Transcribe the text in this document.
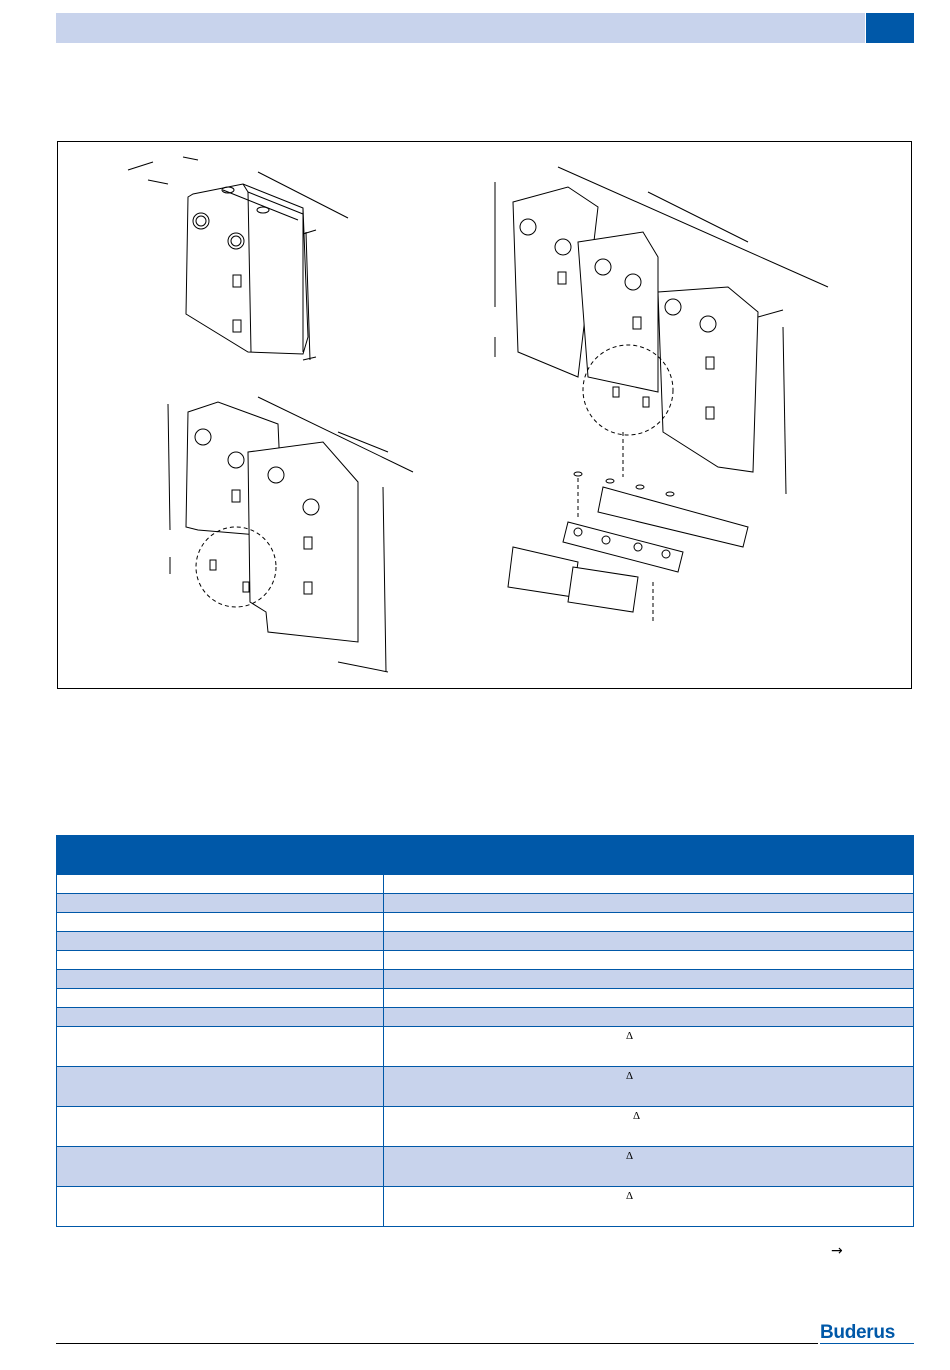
	Δ

	Δ

	Δ

	Δ

	Δ
→
Buderus
